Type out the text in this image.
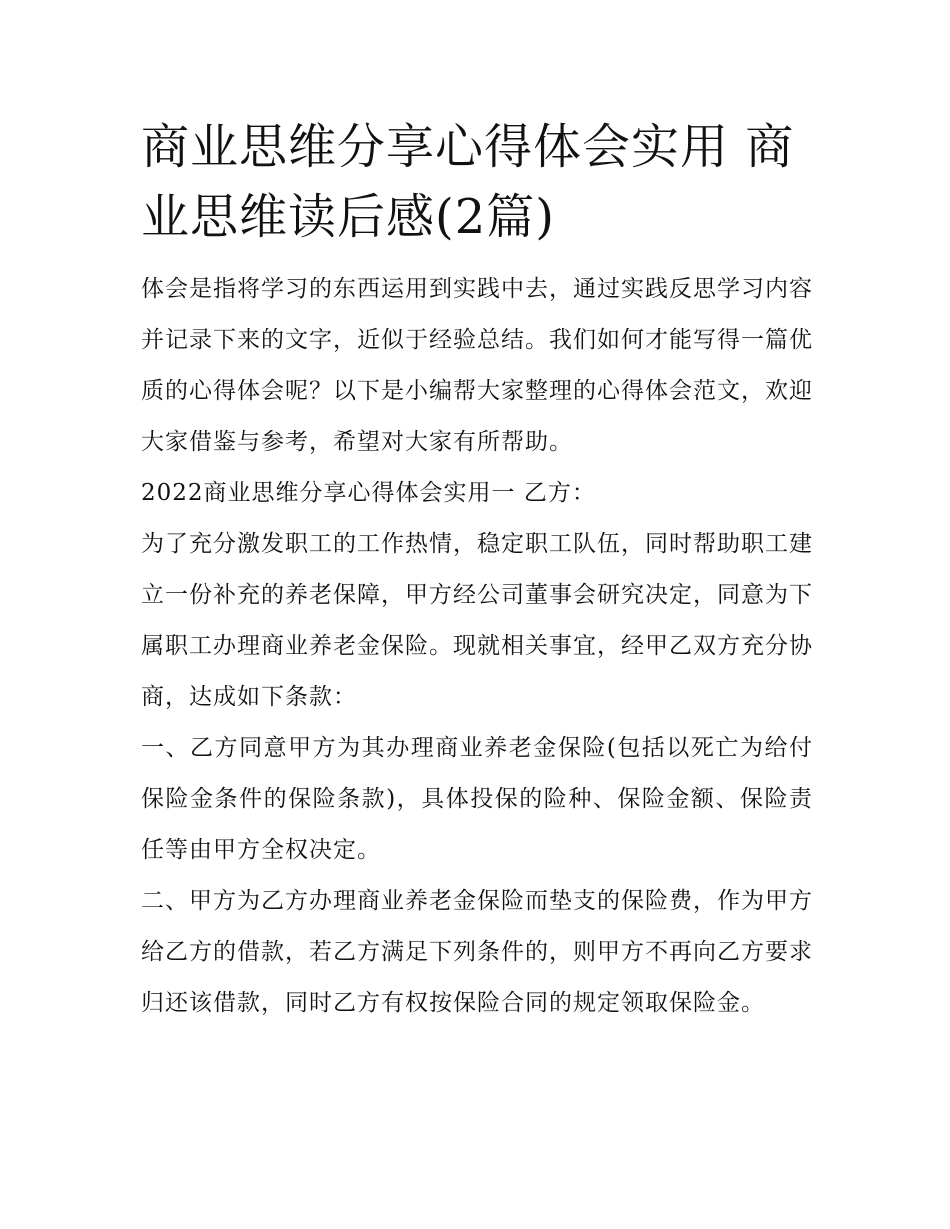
商业思维分享心得体会实用 商业思维读后感(2篇)

体会是指将学习的东西运用到实践中去，通过实践反思学习内容并记录下来的文字，近似于经验总结。我们如何才能写得一篇优质的心得体会呢？以下是小编帮大家整理的心得体会范文，欢迎大家借鉴与参考，希望对大家有所帮助。

2022商业思维分享心得体会实用一 乙方：

为了充分激发职工的工作热情，稳定职工队伍，同时帮助职工建立一份补充的养老保障，甲方经公司董事会研究决定，同意为下属职工办理商业养老金保险。现就相关事宜，经甲乙双方充分协商，达成如下条款：

一、乙方同意甲方为其办理商业养老金保险(包括以死亡为给付保险金条件的保险条款)，具体投保的险种、保险金额、保险责任等由甲方全权决定。

二、甲方为乙方办理商业养老金保险而垫支的保险费，作为甲方给乙方的借款，若乙方满足下列条件的，则甲方不再向乙方要求归还该借款，同时乙方有权按保险合同的规定领取保险金。
